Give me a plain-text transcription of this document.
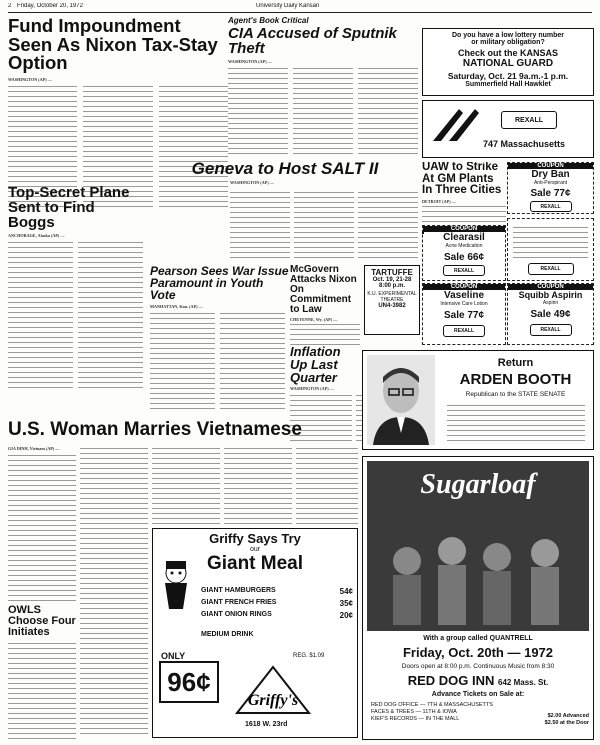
2 Friday, October 20, 1972	University Daily Kansan
Fund Impoundment Seen As Nixon Tax-Stay Option
WASHINGTON (AP) —
Agent's Book Critical
CIA Accused of Sputnik Theft
WASHINGTON (AP) —
Do you have a low lottery number
or military obligation?
Check out the KANSAS
NATIONAL GUARD
Saturday, Oct. 21 9a.m.-1 p.m.
Summerfield Hall Hawklet
REXALL
747 Massachusetts
Top-Secret Plane Sent to Find Boggs
ANCHORAGE, Alaska (AP) —
Geneva to Host SALT II
WASHINGTON (AP) —
UAW to Strike At GM Plants In Three Cities
DETROIT (AP) —
COUPON
Dry Ban
Anti-Perspirant
Sale 77¢
REXALL
COUPON
Clearasil
Acne Medication
Sale 66¢
REXALL	REXALL
COUPON
Vaseline
Intensive Care Lotion
Sale 77¢
REXALL
COUPON
Squibb Aspirin
Aspirin
Sale 49¢
REXALL
TARTUFFE
Oct. 19, 21-28
8:00 p.m.
K.U. EXPERIMENTAL THEATRE
UN4-3982
Pearson Sees War Issue Paramount in Youth Vote
MANHATTAN, Kan. (AP) —
McGovern Attacks Nixon On Commitment to Law
CHEYENNE, Wy. (AP) —
Inflation Up Last Quarter
WASHINGTON (AP) —
Return
ARDEN BOOTH
Republican to the STATE SENATE
U.S. Woman Marries Vietnamese
GIA DINH, Vietnam (AP) —
OWLS Choose Four Initiates
Griffy Says Try
our
Giant Meal
GIANT HAMBURGERS	54¢
GIANT FRENCH FRIES	35¢
GIANT ONION RINGS	20¢
MEDIUM DRINK
ONLY
96¢
REG. $1.09
Griffy's
1618 W. 23rd
Sugarloaf
With a group called QUANTRELL
Friday, Oct. 20th — 1972
Doors open at 8:00 p.m. Continuous Music from 8:30
RED DOG INN 642 Mass. St.
Advance Tickets on Sale at:
RED DOG OFFICE — 7TH & MASSACHUSETTS
FACES & TREES — 11TH & IOWA
KIEF'S RECORDS — IN THE MALL	$2.00 Advanced
$2.50 at the Door
